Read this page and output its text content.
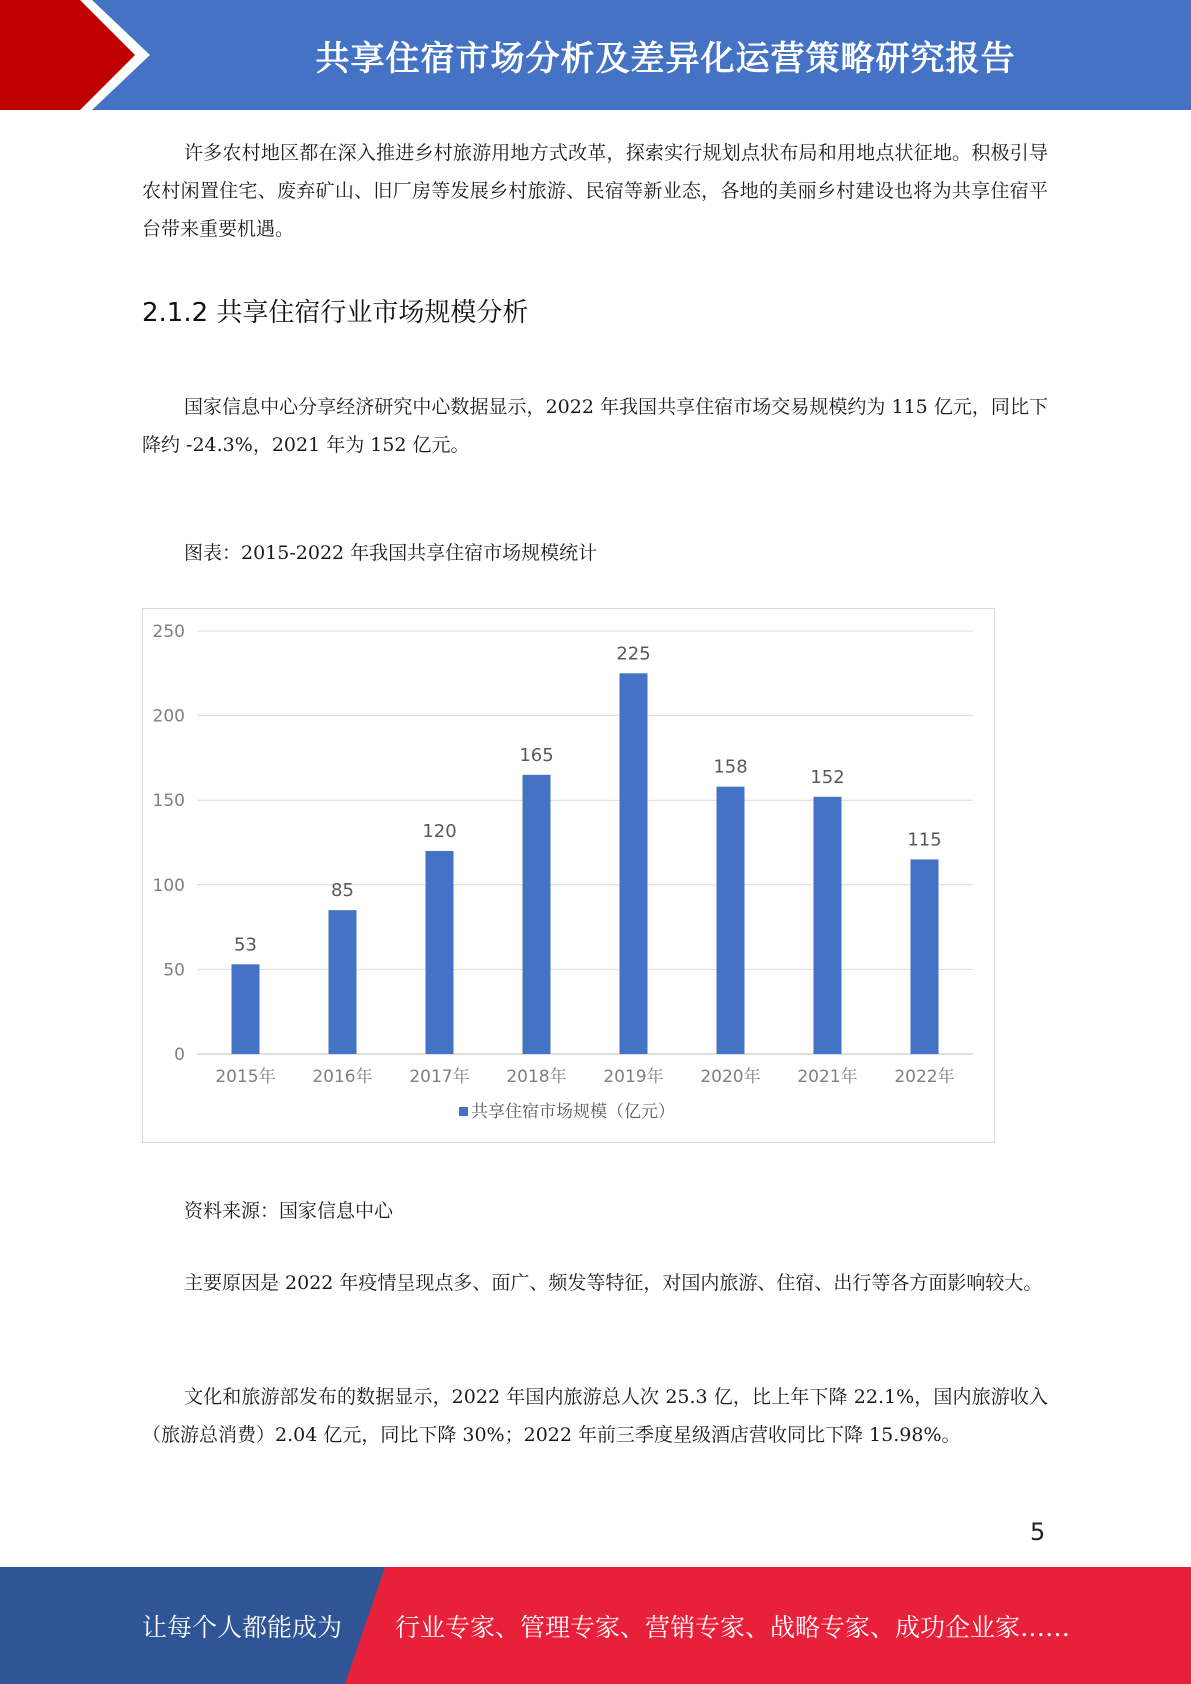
共享住宿市场分析及差异化运营策略研究报告

许多农村地区都在深入推进乡村旅游用地方式改革，探索实行规划点状布局和用地点状征地。积极引导农村闲置住宅、废弃矿山、旧厂房等发展乡村旅游、民宿等新业态，各地的美丽乡村建设也将为共享住宿平台带来重要机遇。

2.1.2 共享住宿行业市场规模分析

国家信息中心分享经济研究中心数据显示，2022 年我国共享住宿市场交易规模约为 115 亿元，同比下降约 -24.3%，2021 年为 152 亿元。

图表：2015-2022 年我国共享住宿市场规模统计

0
50
100
150
200
250
53
2015年
85
2016年
120
2017年
165
2018年
225
2019年
158
2020年
152
2021年
115
2022年
共享住宿市场规模（亿元）

资料来源：国家信息中心

主要原因是 2022 年疫情呈现点多、面广、频发等特征，对国内旅游、住宿、出行等各方面影响较大。

文化和旅游部发布的数据显示，2022 年国内旅游总人次 25.3 亿，比上年下降 22.1%，国内旅游收入（旅游总消费）2.04 亿元，同比下降 30%；2022 年前三季度星级酒店营收同比下降 15.98%。

5
让每个人都能成为 行业专家、管理专家、营销专家、战略专家、成功企业家……
